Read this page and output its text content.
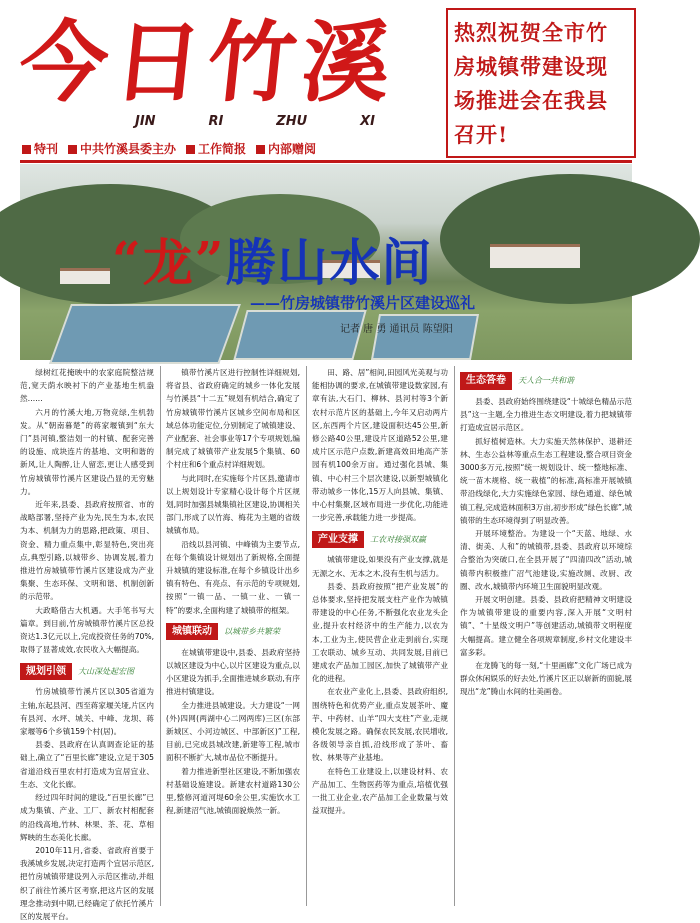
今日竹溪
JIN	RI	ZHU	XI
特刊	中共竹溪县委主办	工作简报	内部赠阅
热烈祝贺全市竹房城镇带建设现场推进会在我县召开!
“ 龙 ” 腾山水间
——竹房城镇带竹溪片区建设巡礼
记者 唐 勇 通讯员 陈望阳

绿树红花掩映中的农家庭院整洁规范,宽天荫水映衬下的产业基地生机盎然……

六月的竹溪大地,万物竞绿,生机勃发。从“朝南暮楚”的蒋家堰镇到“东大门”县河镇,整洁划一的村镇、配套完善的设施、成块连片的基地、文明和谐的新风,让人陶醉,让人留恋,更让人感受到竹房城镇带竹溪片区建设凸显的无穷魅力。

近年来,县委、县政府按照省、市的战略部署,坚持产业为先,民生为本,农民为本、机制为力的思路,把政策、项目、资金、精力重点集中,彰显特色,突出亮点,典型引路,以城带乡、协调发展,着力推进竹房城镇带竹溪片区建设成为产业集聚、生态环保、文明和谐、机制创新的示范带。

大政略借古大机遇。大手笔书写大篇章。到目前,竹房城镇带竹溪片区总投资达1.3亿元以上,完成投资任务的70%,取得了显著成效,农民收入大幅提高。

规划引领	大山深处起宏图

竹房城镇带竹溪片区以305省道为主轴,东起县河、西至蒋家堰关垭,片区内有县河、水坪、城关、中峰、龙坝、蒋家堰等6个乡镇159个村(居)。

县委、县政府在认真调查论证的基础上,确立了“百里长廊”建设,立足于305省道沿线百里农村打造成为宜居宜业、生态、文化长廊。

经过四年时间的建设,“百里长廊”已成为集镇、产业、工厂、新农村相配套的沿线高地,竹林、林果、茶、花、草相辉映的生态美化长廊。

2010年11月,省委、省政府首要于我溪城乡发展,决定打造两个宜居示范区,把竹房城镇带建设列入示范区推动,并组织了前往竹溪片区考察,把这片区的发展理念推动到中期,已经确定了依托竹溪片区的发展平台。

镇带竹溪片区进行控制性详细规划,将省县、省政府确定的城乡一体化发展与竹溪县“十二五”规划有机结合,确定了竹房城镇带竹溪片区城乡空间布局和区域总体功能定位,分别制定了城镇建设、产业配套、社会事业等17个专项规划,编制完成了城镇带产业发展5个集镇、60个村庄和6个重点村详细规划。

与此同时,在实施每个片区县,邀请市以上规划设计专家精心设计每个片区规划,同时加强县城集镇社区建设,协调相关部门,形成了以竹海、梅花为主题的省级城镇布局。

沿线以县河镇、中峰镇为主要节点,在每个集镇设计规划出了新规格,全面提升城镇的建设标准,在每个乡镇设计出乡镇有特色、有亮点、有示范的专项规划,按照“一镇一品、一镇一业、一镇一特”的要求,全面构建了城镇带的框架。

城镇联动	以城带乡共繁荣

在城镇带建设中,县委、县政府坚持以城区建设为中心,以片区建设为重点,以小区建设为抓手,全面推进城乡联动,有序推进村镇建设。

全力推进县城建设。大力建设“一网(外)四网(两湖中心二网两库)三区(东部新城区、小河边城区、中部新区)”工程,目前,已完成县城改建,新建等工程,城市面积不断扩大,城市品位不断提升。

着力推进新型社区建设,不断加强农村基础设施建设。新建农村道路130公里,整修河道河堤60余公里,实施饮水工程,新建沼气池,城镇面貌焕然一新。

田、路、居”相间,田园风光美观与功能相协调的要求,在城镇带建设数家园,有章有法,大石门、柳林、县河村等3个新农村示范片区的基础上,今年又启动两片区,东西两个片区,建设面积达45公里,新修公路40公里,建设片区道路52公里,建成片区示范户点数,新建高效田地高产茶园有机100余万亩。通过强化县城、集镇、中心村三个层次建设,以新型城镇化带动城乡一体化,15万人向县城、集镇、中心村集聚,区域布局进一步优化,功能进一步完善,承载能力进一步提高。

产业支撑	工农对接强双赢

城镇带建设,如果没有产业支撑,就是无源之水、无本之木,没有生机与活力。

县委、县政府按照“把产业发展”的总体要求,坚持把发展支柱产业作为城镇带建设的中心任务,不断强化农业龙头企业,提升农村经济中的生产能力,以农为本,工业为主,使民营企业走到前台,实现工农联动、城乡互动、共同发展,目前已建成农产品加工园区,加快了城镇带产业化的进程。

在农业产业化上,县委、县政府组织,围绕特色和优势产业,重点发展茶叶、魔芋、中药材、山羊“四大支柱”产业,走规模化发展之路。确保农民发展,农民增收,各级领导亲自抓,沿线形成了茶叶、畜牧、林果等产业基地。

在特色工业建设上,以建设材料、农产品加工、生物医药等为重点,培植优强一批工业企业,农产品加工企业数量与效益双提升。

生态答卷	天人合一共和谐

县委、县政府始终围绕建设“十城绿色精品示范县”这一主题,全力推进生态文明建设,着力把城镇带打造成宜居示范区。

抓好植树造林。大力实施天然林保护、退耕还林、生态公益林等重点生态工程建设,整合项目资金3000多万元,按照“统一规划设计、统一整地标准、统一苗木规格、统一栽植”的标准,高标准开展城镇带沿线绿化,大力实施绿色家园、绿色通道、绿色城镇工程,完成造林面积3万亩,初步形成“绿色长廊”,城镇带的生态环境得到了明显改善。

开展环境整治。为建设一个“天蓝、地绿、水清、街美、人和”的城镇带,县委、县政府以环境综合整治为突破口,在全县开展了“四清四改”活动,城镇带内积极推广沼气池建设,实施改厕、改厨、改圈、改水,城镇带内环境卫生面貌明显改观。

开展文明创建。县委、县政府把精神文明建设作为城镇带建设的重要内容,深入开展“文明村镇”、“十星级文明户”等创建活动,城镇带文明程度大幅提高。建立健全各项规章制度,乡村文化建设丰富多彩。

在龙腾飞的每一刻,“十里画廊”文化广场已成为群众休闲娱乐的好去处,竹溪片区正以崭新的面貌,展现出“龙”腾山水间的壮美画卷。
